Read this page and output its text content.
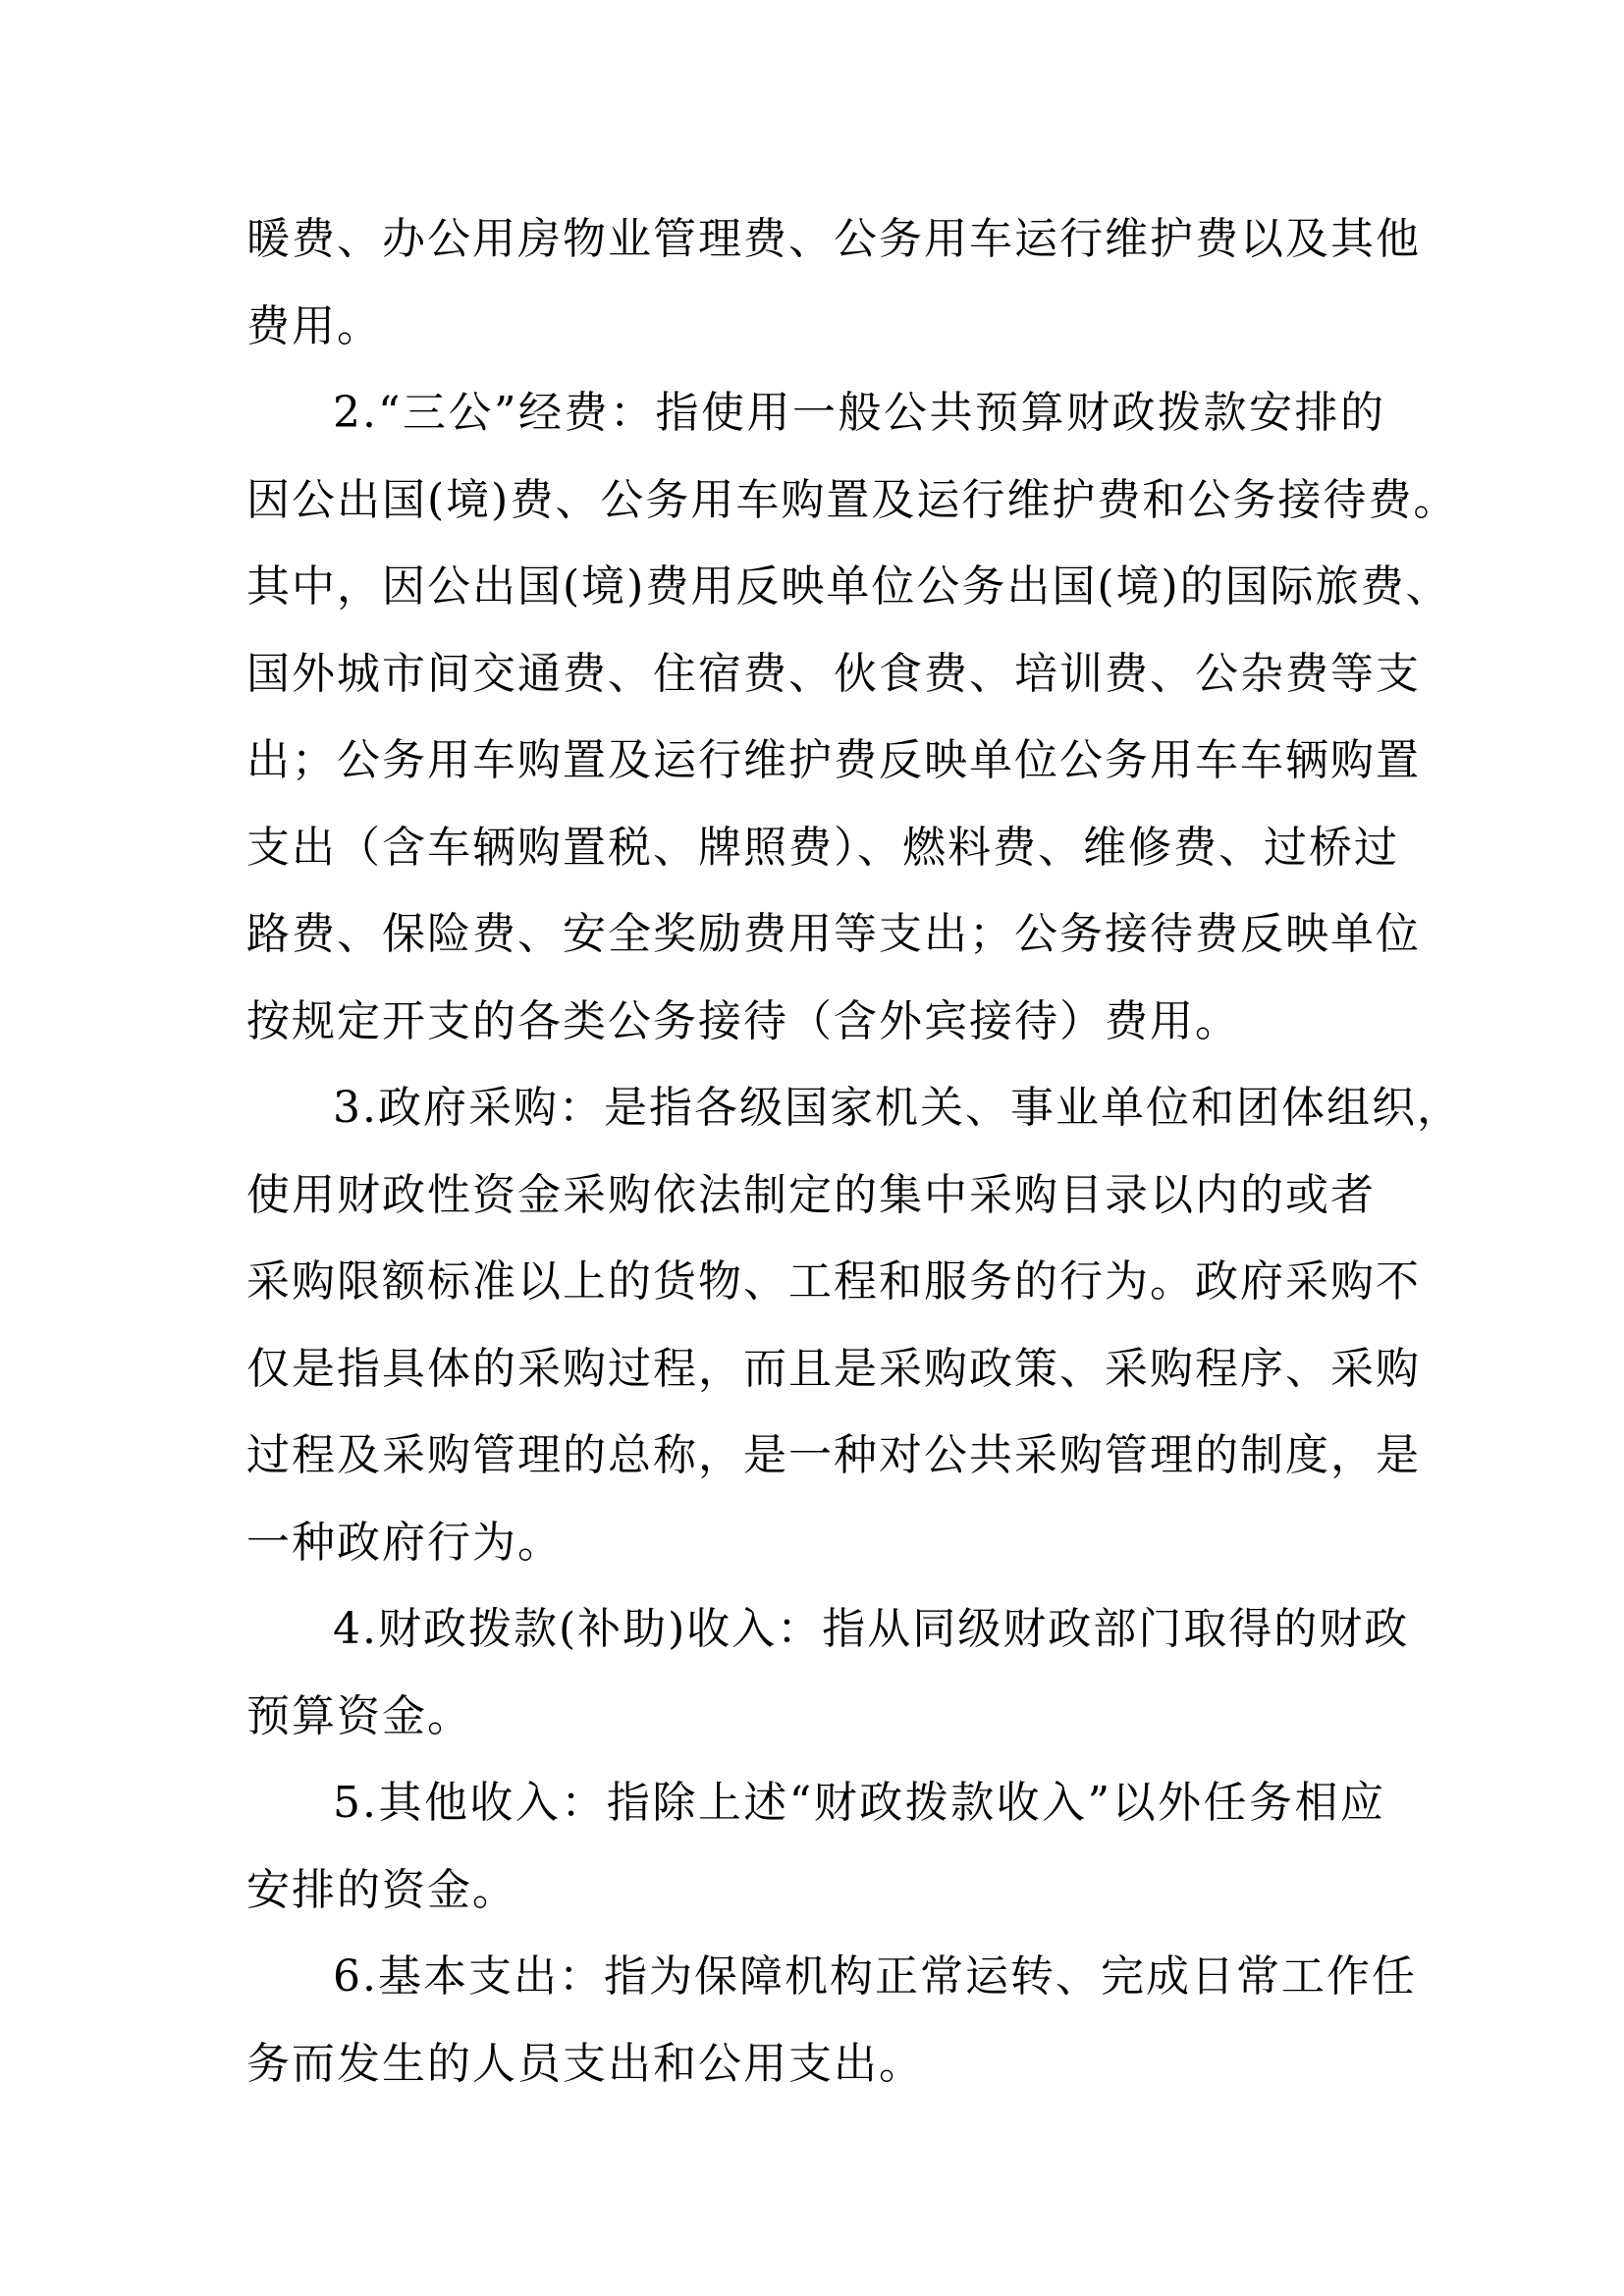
暖费、办公用房物业管理费、公务用车运行维护费以及其他
费用。
2.“三公”经费：指使用一般公共预算财政拨款安排的
因公出国(境)费、公务用车购置及运行维护费和公务接待费。
其中，因公出国(境)费用反映单位公务出国(境)的国际旅费、
国外城市间交通费、住宿费、伙食费、培训费、公杂费等支
出；公务用车购置及运行维护费反映单位公务用车车辆购置
支出（含车辆购置税、牌照费）、燃料费、维修费、过桥过
路费、保险费、安全奖励费用等支出；公务接待费反映单位
按规定开支的各类公务接待（含外宾接待）费用。
3.政府采购：是指各级国家机关、事业单位和团体组织，
使用财政性资金采购依法制定的集中采购目录以内的或者
采购限额标准以上的货物、工程和服务的行为。政府采购不
仅是指具体的采购过程，而且是采购政策、采购程序、采购
过程及采购管理的总称，是一种对公共采购管理的制度，是
一种政府行为。
4.财政拨款(补助)收入：指从同级财政部门取得的财政
预算资金。
5.其他收入：指除上述“财政拨款收入”以外任务相应
安排的资金。
6.基本支出：指为保障机构正常运转、完成日常工作任
务而发生的人员支出和公用支出。
